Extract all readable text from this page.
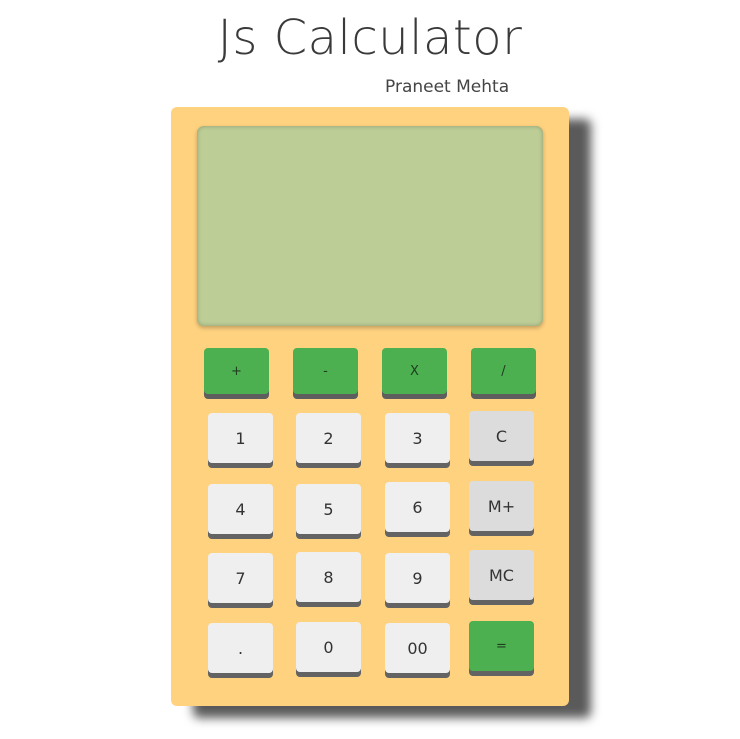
Js Calculator
Praneet Mehta
+	-	X	/
1	2	3	C
4	5	6	M+
7	8	9	MC
.	0	00	=
